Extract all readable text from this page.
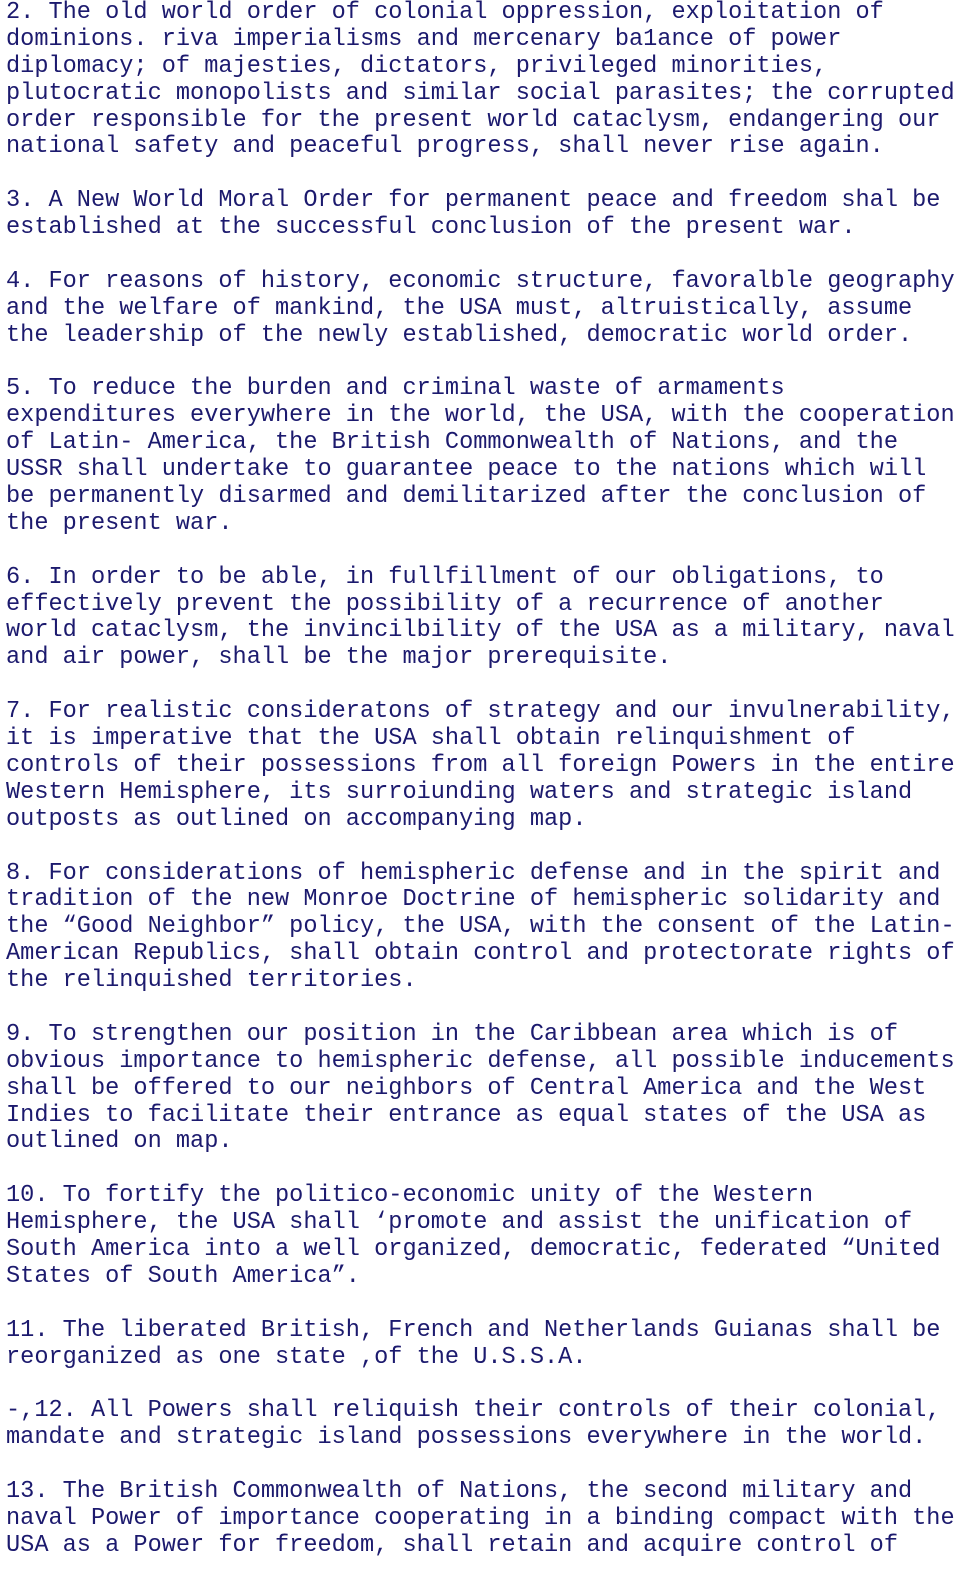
2. The old world order of colonial oppression, exploitation of
dominions. riva imperialisms and mercenary ba1ance of power
diplomacy; of majesties, dictators, privileged minorities,
plutocratic monopolists and similar social parasites; the corrupted
order responsible for the present world cataclysm, endangering our
national safety and peaceful progress, shall never rise again.
3. A New World Moral Order for permanent peace and freedom shal be
established at the successful conclusion of the present war.
4. For reasons of history, economic structure, favoralble geography
and the welfare of mankind, the USA must, altruistically, assume
the leadership of the newly established, democratic world order.
5. To reduce the burden and criminal waste of armaments
expenditures everywhere in the world, the USA, with the cooperation
of Latin- America, the British Commonwealth of Nations, and the
USSR shall undertake to guarantee peace to the nations which will
be permanently disarmed and demilitarized after the conclusion of
the present war.
6. In order to be able, in fullfillment of our obligations, to
effectively prevent the possibility of a recurrence of another
world cataclysm, the invincilbility of the USA as a military, naval
and air power, shall be the major prerequisite.
7. For realistic consideratons of strategy and our invulnerability,
it is imperative that the USA shall obtain relinquishment of
controls of their possessions from all foreign Powers in the entire
Western Hemisphere, its surroiunding waters and strategic island
outposts as outlined on accompanying map.
8. For considerations of hemispheric defense and in the spirit and
tradition of the new Monroe Doctrine of hemispheric solidarity and
the “Good Neighbor” policy, the USA, with the consent of the Latin-
American Republics, shall obtain control and protectorate rights of
the relinquished territories.
9. To strengthen our position in the Caribbean area which is of
obvious importance to hemispheric defense, all possible inducements
shall be offered to our neighbors of Central America and the West
Indies to facilitate their entrance as equal states of the USA as
outlined on map.
10. To fortify the politico-economic unity of the Western
Hemisphere, the USA shall ‘promote and assist the unification of
South America into a well organized, democratic, federated “United
States of South America”.
11. The liberated British, French and Netherlands Guianas shall be
reorganized as one state ,of the U.S.S.A.
-,12. All Powers shall reliquish their controls of their colonial,
mandate and strategic island possessions everywhere in the world.
13. The British Commonwealth of Nations, the second military and
naval Power of importance cooperating in a binding compact with the
USA as a Power for freedom, shall retain and acquire control of
